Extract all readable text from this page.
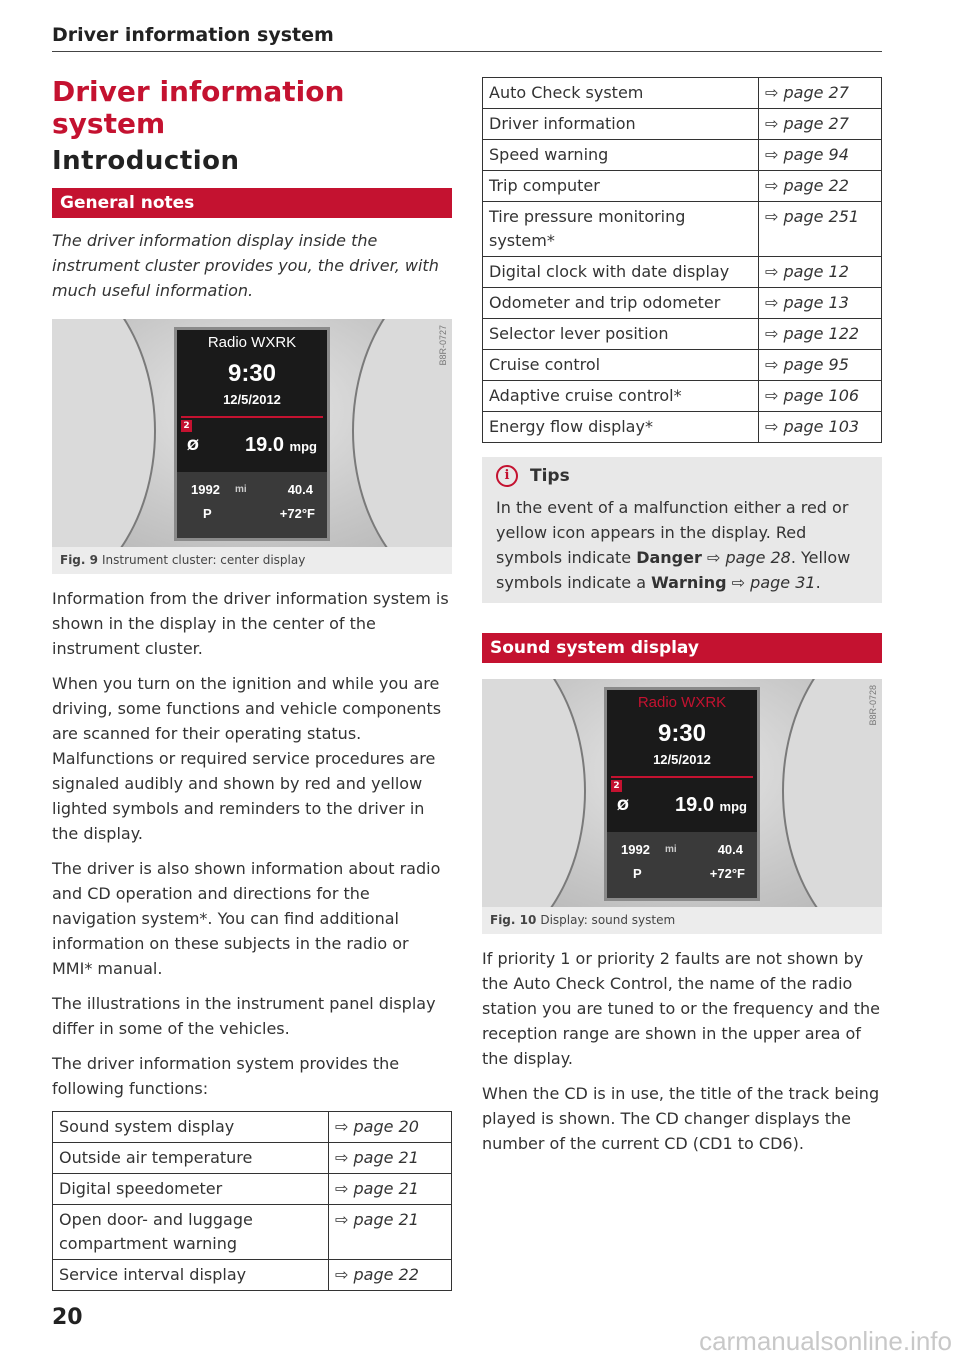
Driver information system
Driver information system
Introduction
General notes

The driver information display inside the instrument cluster provides you, the driver, with much useful information.

Radio WXRK
9:30
12/5/2012
2
Ø 19.0 mpg
1992 mi	40.4
P	+72°F
B8R-0727
Fig. 9 Instrument cluster: center display

Information from the driver information system is shown in the display in the center of the instrument cluster.

When you turn on the ignition and while you are driving, some functions and vehicle components are scanned for their operating status. Malfunctions or required service procedures are signaled audibly and shown by red and yellow lighted symbols and reminders to the driver in the display.

The driver is also shown information about radio and CD operation and directions for the navigation system*. You can find additional information on these subjects in the radio or MMI* manual.

The illustrations in the instrument panel display differ in some of the vehicles.

The driver information system provides the following functions:

Sound system display	⇨ page 20
Outside air temperature	⇨ page 21
Digital speedometer	⇨ page 21
Open door- and luggage compartment warning	⇨ page 21
Service interval display	⇨ page 22
Auto Check system	⇨ page 27
Driver information	⇨ page 27
Speed warning	⇨ page 94
Trip computer	⇨ page 22
Tire pressure monitoring system*	⇨ page 251
Digital clock with date display	⇨ page 12
Odometer and trip odometer	⇨ page 13
Selector lever position	⇨ page 122
Cruise control	⇨ page 95
Adaptive cruise control*	⇨ page 106
Energy flow display*	⇨ page 103
i	Tips

In the event of a malfunction either a red or yellow icon appears in the display. Red symbols indicate Danger ⇨ page 28. Yellow symbols indicate a Warning ⇨ page 31.

Sound system display
Radio WXRK
9:30
12/5/2012
2
Ø 19.0 mpg
1992 mi	40.4
P	+72°F
B8R-0728
Fig. 10 Display: sound system

If priority 1 or priority 2 faults are not shown by the Auto Check Control, the name of the radio station you are tuned to or the frequency and the reception range are shown in the upper area of the display.

When the CD is in use, the title of the track being played is shown. The CD changer displays the number of the current CD (CD1 to CD6).

20
carmanualsonline.info
